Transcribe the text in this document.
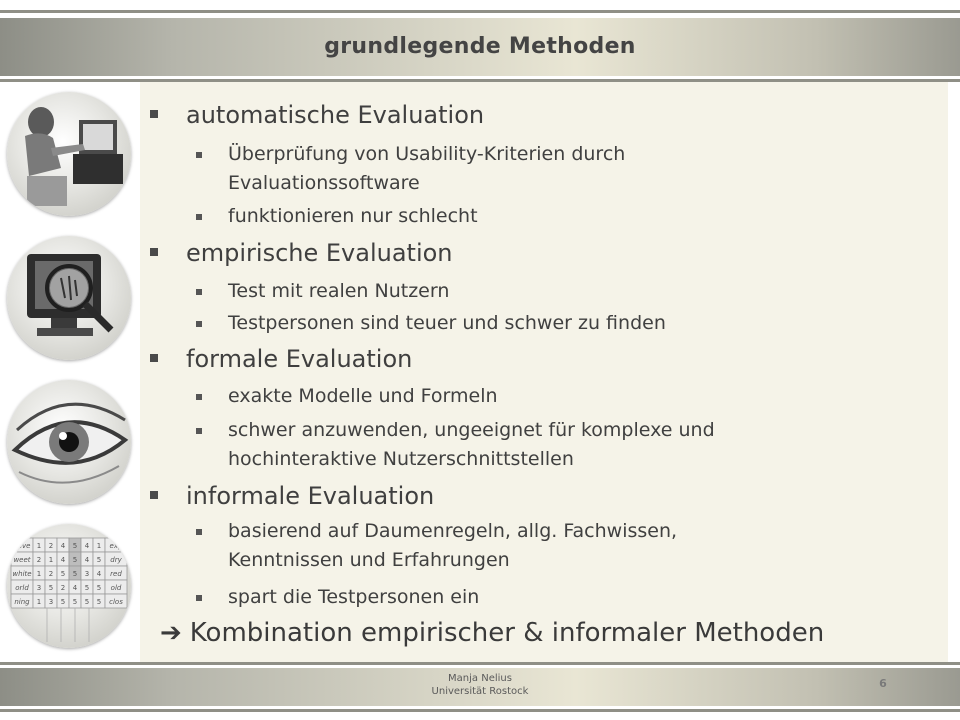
grundlegende Methoden
ctive 1 2 4 5 4 1 exp
weet 2 1 4 5 4 5 dry
white 1 2 5 5 3 4 red
orld 3 5 2 4 5 5 old
ning 1 3 5 5 5 5 clos
automatische Evaluation
Überprüfung von Usability-Kriterien durch
Evaluationssoftware
funktionieren nur schlecht
empirische Evaluation
Test mit realen Nutzern
Testpersonen sind teuer und schwer zu finden
formale Evaluation
exakte Modelle und Formeln
schwer anzuwenden, ungeeignet für komplexe und
hochinteraktive Nutzerschnittstellen
informale Evaluation
basierend auf Daumenregeln, allg. Fachwissen,
Kenntnissen und Erfahrungen
spart die Testpersonen ein
➔ Kombination empirischer & informaler Methoden
Manja Nelius
Universität Rostock
6
